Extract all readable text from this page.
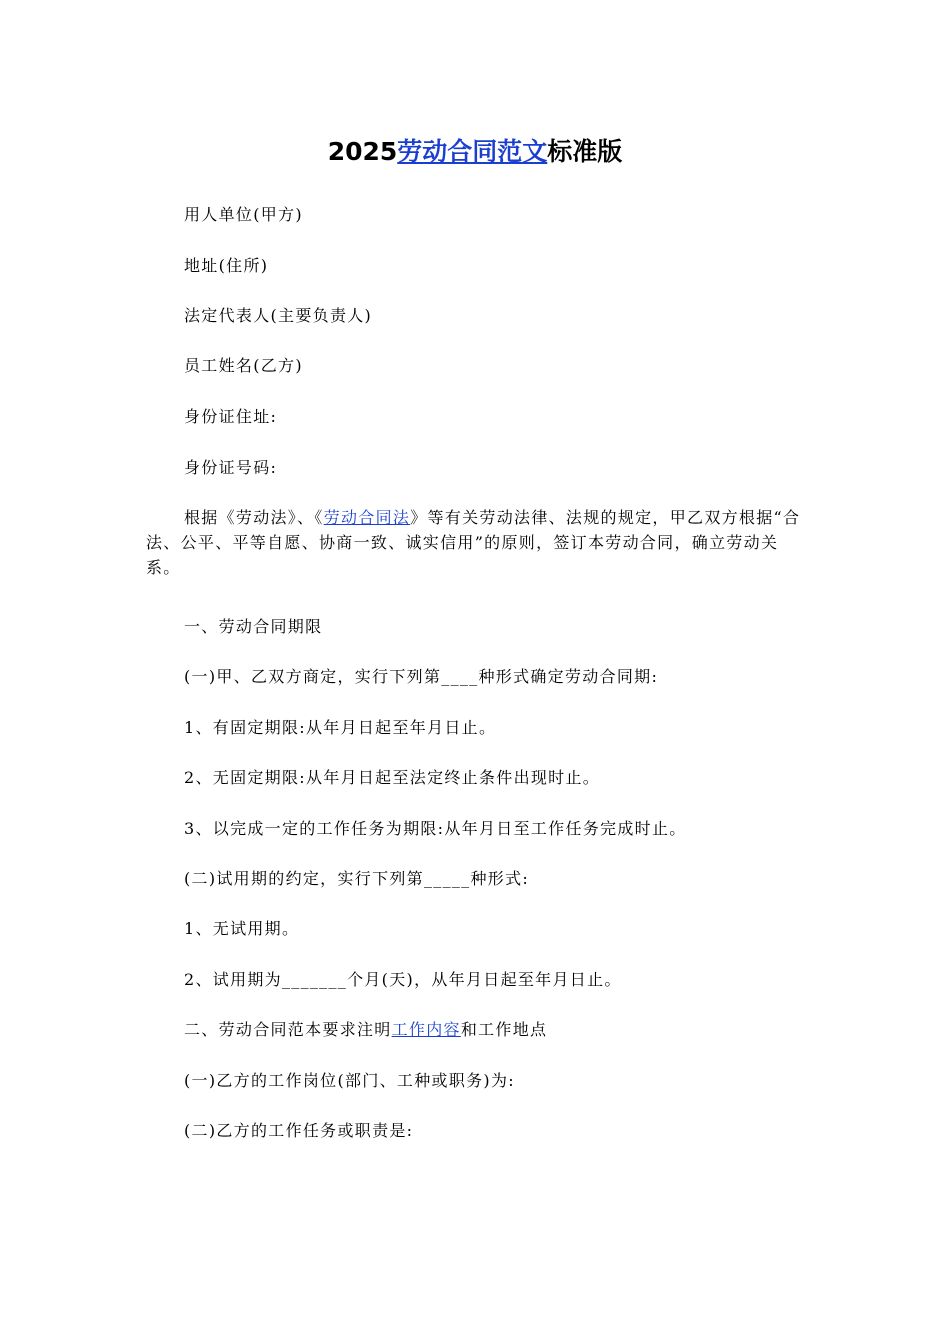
2025劳动合同范文标准版

用人单位(甲方)

地址(住所)

法定代表人(主要负责人)

员工姓名(乙方)

身份证住址:

身份证号码:

根据《劳动法》、《劳动合同法》等有关劳动法律、法规的规定，甲乙双方根据“合法、公平、平等自愿、协商一致、诚实信用”的原则，签订本劳动合同，确立劳动关系。

一、劳动合同期限

(一)甲、乙双方商定，实行下列第____种形式确定劳动合同期:

1、有固定期限:从年月日起至年月日止。

2、无固定期限:从年月日起至法定终止条件出现时止。

3、以完成一定的工作任务为期限:从年月日至工作任务完成时止。

(二)试用期的约定，实行下列第_____种形式:

1、无试用期。

2、试用期为_______个月(天)，从年月日起至年月日止。

二、劳动合同范本要求注明工作内容和工作地点

(一)乙方的工作岗位(部门、工种或职务)为:

(二)乙方的工作任务或职责是:
